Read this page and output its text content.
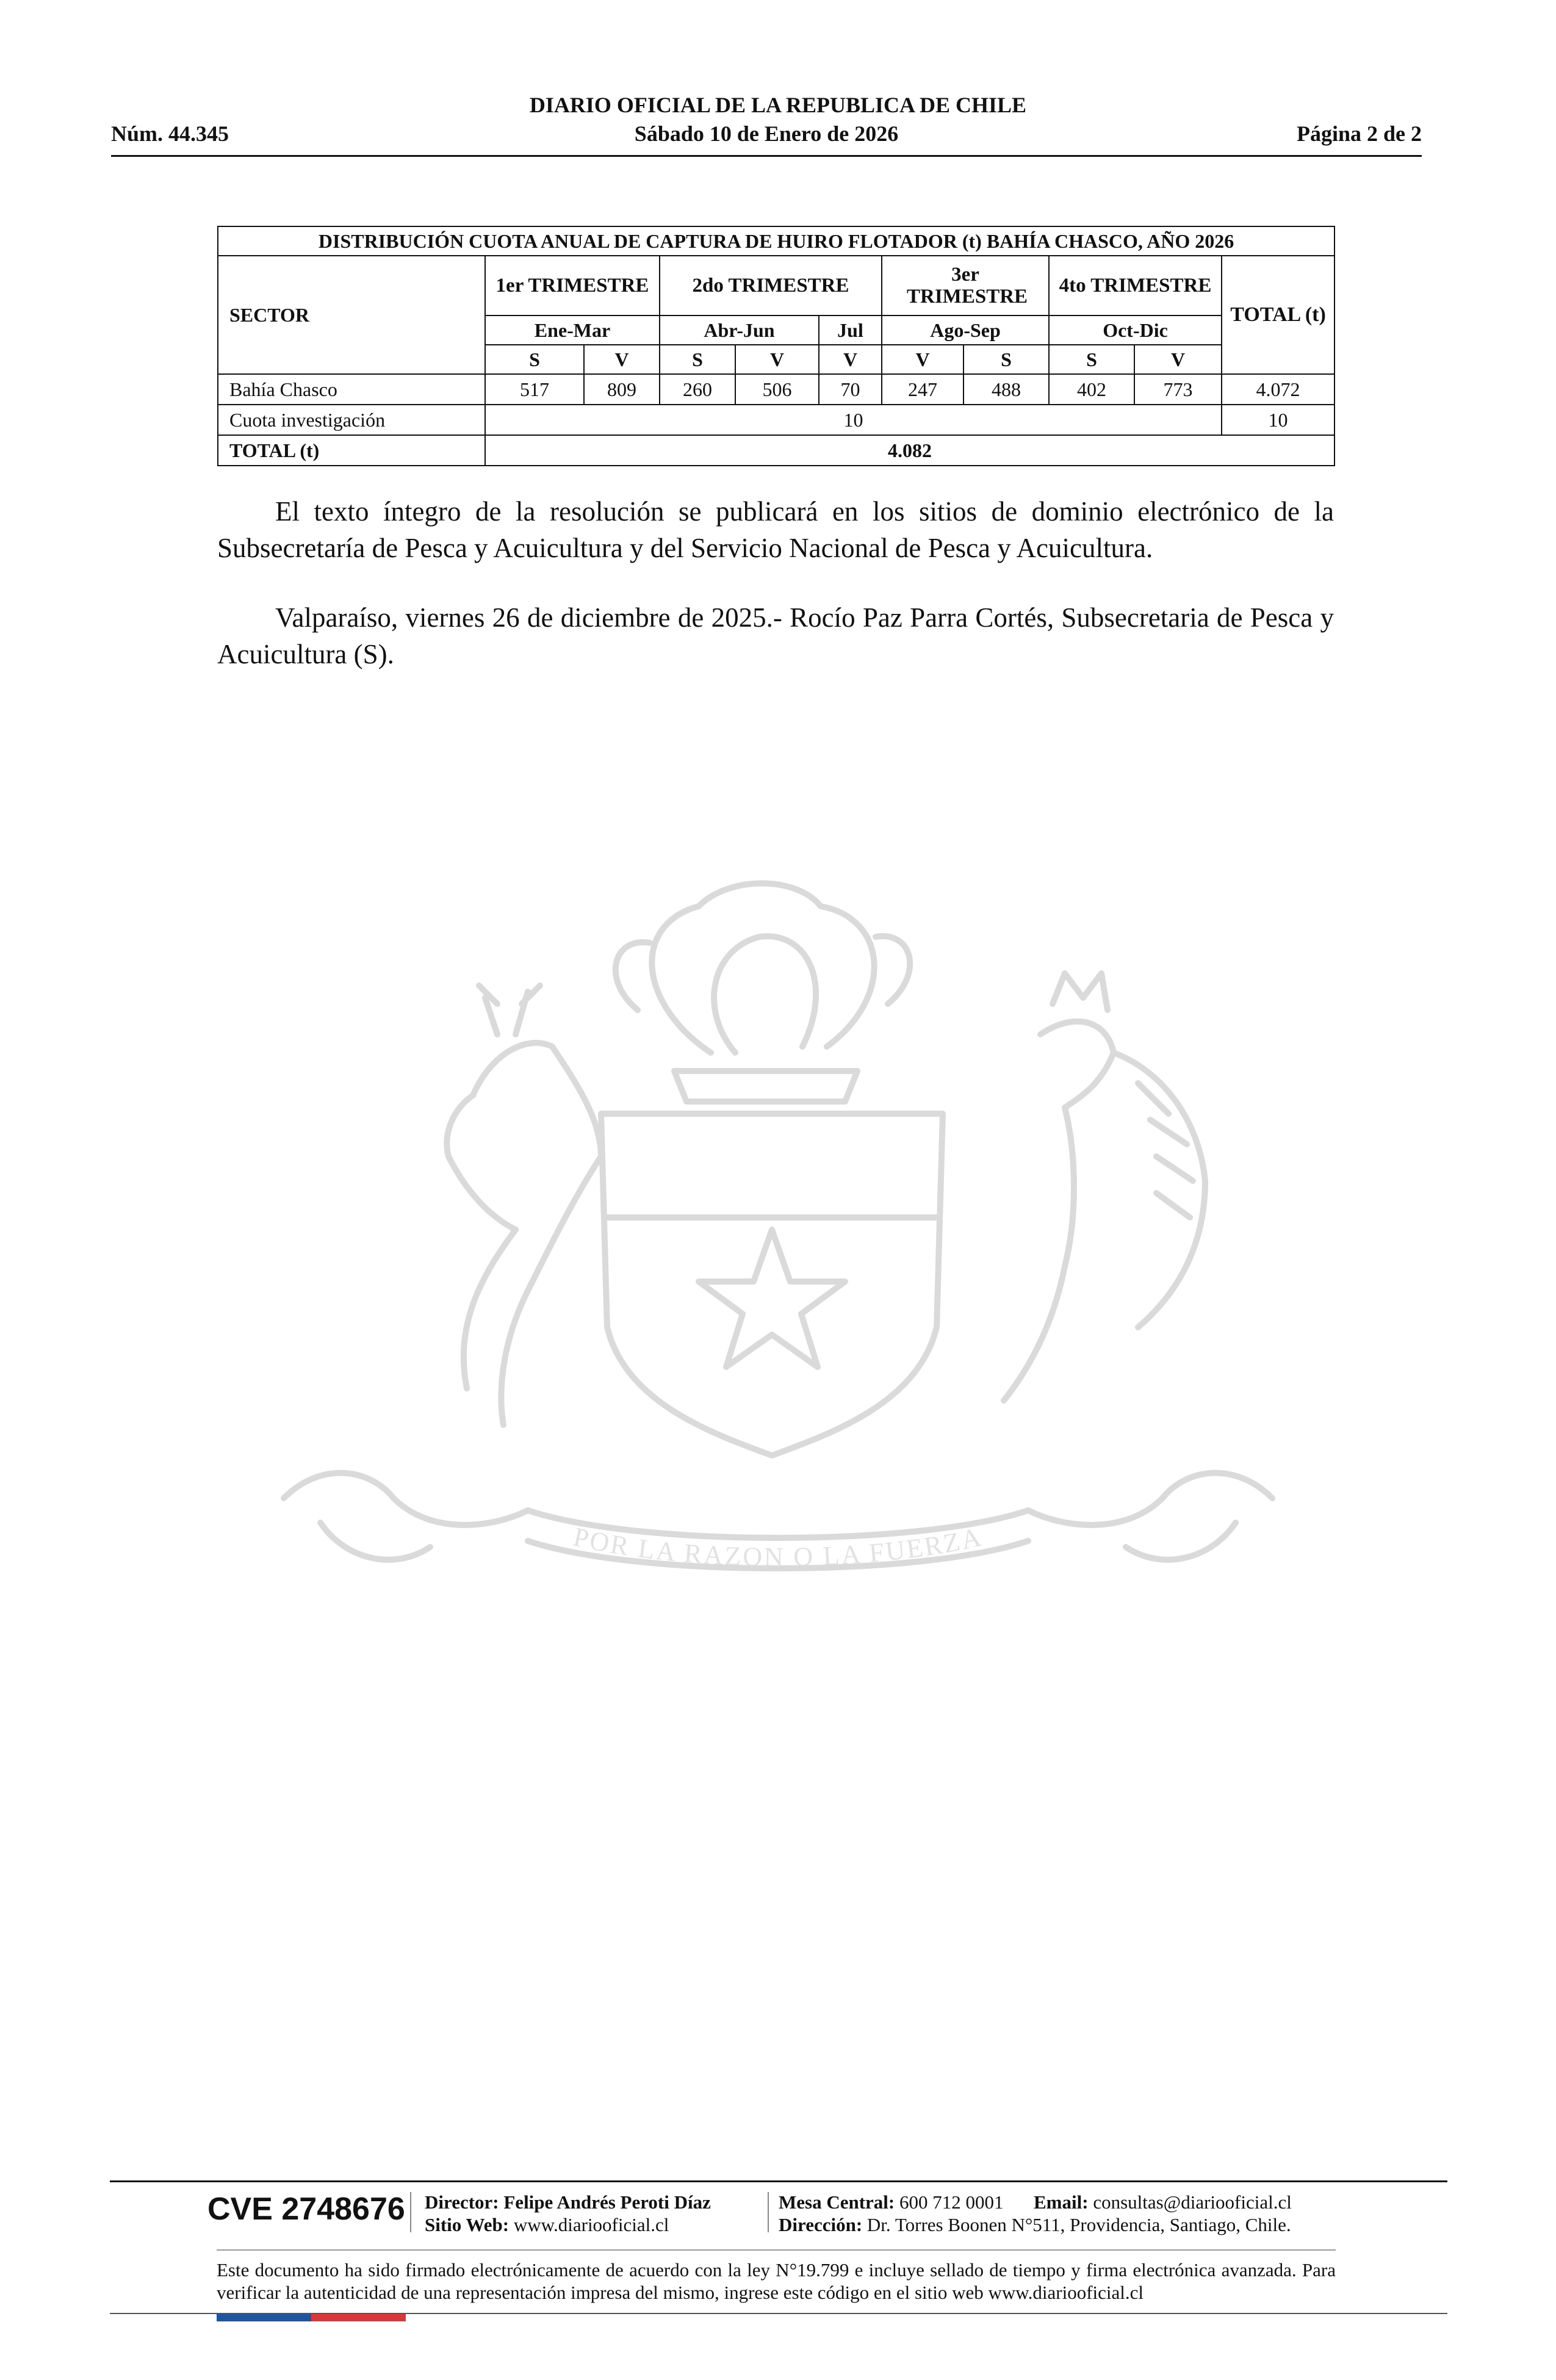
DIARIO OFICIAL DE LA REPUBLICA DE CHILE
Núm. 44.345	Sábado 10 de Enero de 2026	Página 2 de 2
DISTRIBUCIÓN CUOTA ANUAL DE CAPTURA DE HUIRO FLOTADOR (t) BAHÍA CHASCO, AÑO 2026										
SECTOR	1er TRIMESTRE		2do TRIMESTRE			3er TRIMESTRE		4to TRIMESTRE		TOTAL (t)
	Ene-Mar		Abr-Jun		Jul	Ago-Sep		Oct-Dic		
	S	V	S	V	V	V	S	S	V	
Bahía Chasco	517	809	260	506	70	247	488	402	773	4.072
Cuota investigación	10									10
TOTAL (t)	4.082									

El texto íntegro de la resolución se publicará en los sitios de dominio electrónico de la Subsecretaría de Pesca y Acuicultura y del Servicio Nacional de Pesca y Acuicultura.

Valparaíso, viernes 26 de diciembre de 2025.- Rocío Paz Parra Cortés, Subsecretaria de Pesca y Acuicultura (S).

POR LA RAZON O LA FUERZA
CVE 2748676 Director: Felipe Andrés Peroti Díaz
Sitio Web: www.diariooficial.cl
Mesa Central: 600 712 0001 Email: consultas@diariooficial.cl
Dirección: Dr. Torres Boonen N°511, Providencia, Santiago, Chile.
Este documento ha sido firmado electrónicamente de acuerdo con la ley N°19.799 e incluye sellado de tiempo y firma electrónica avanzada. Para verificar la autenticidad de una representación impresa del mismo, ingrese este código en el sitio web www.diariooficial.cl
